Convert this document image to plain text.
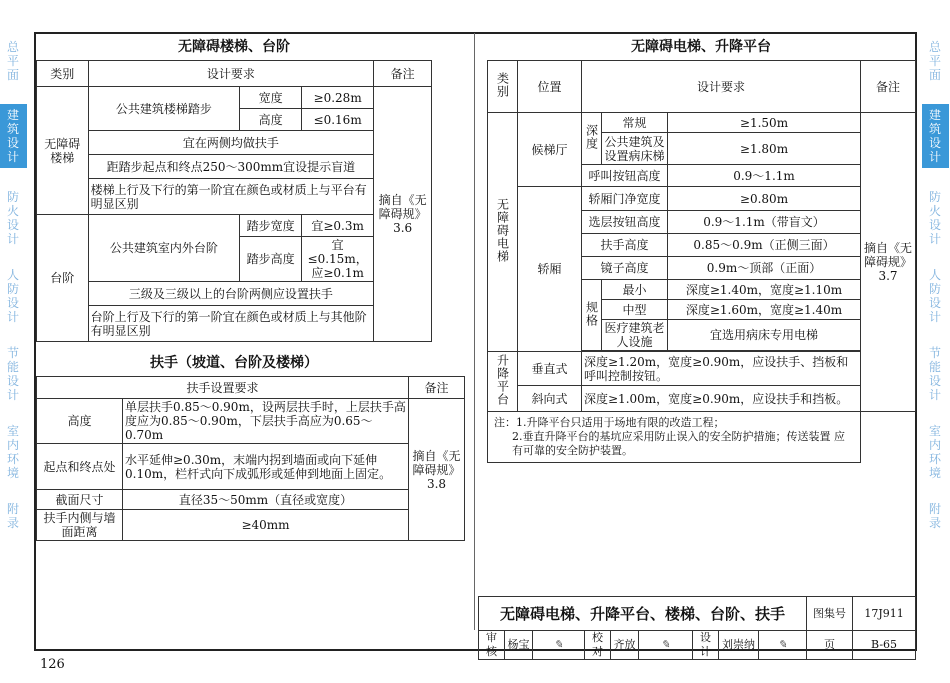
总
平
面
建
筑
设
计
防
火
设
计
人
防
设
计
节
能
设
计
室
内
环
境
附
录
总
平
面
建
筑
设
计
防
火
设
计
人
防
设
计
节
能
设
计
室
内
环
境
附
录
无障碍楼梯、台阶
类别	设计要求			备注
无障碍楼梯	公共建筑楼梯踏步	宽度	≥0.28m	摘自《无障碍规》3.6
		高度	≤0.16m	
	宜在两侧均做扶手			
	距踏步起点和终点250～300mm宜设提示盲道			
	楼梯上行及下行的第一阶宜在颜色或材质上与平台有明显区别			
台阶	公共建筑室内外台阶	踏步宽度	宜≥0.3m	
		踏步高度	宜≤0.15m，应≥0.1m	
	三级及三级以上的台阶两侧应设置扶手			
	台阶上行及下行的第一阶宜在颜色或材质上与其他阶有明显区别			
扶手（坡道、台阶及楼梯）
扶手设置要求		备注
高度	单层扶手0.85～0.90m，设两层扶手时，上层扶手高度应为0.85～0.90m，下层扶手高应为0.65～0.70m	摘自《无障碍规》3.8
起点和终点处	水平延伸≥0.30m，末端内拐到墙面或向下延伸0.10m，栏杆式向下成弧形或延伸到地面上固定。	
截面尺寸	直径35～50mm（直径或宽度）	
扶手内侧与墙面距离	≥40mm	
无障碍电梯、升降平台
类别	位置	设计要求			备注
无障碍电梯	候梯厅	深度	常规	≥1.50m	摘自《无障碍规》3.7
			公共建筑及设置病床梯	≥1.80m	
		呼叫按钮高度		0.9～1.1m	
	轿厢	轿厢门净宽度		≥0.80m	
		选层按钮高度		0.9～1.1m（带盲文）	
		扶手高度		0.85～0.9m（正侧三面）	
		镜子高度		0.9m～顶部（正面）	
		规格	最小	深度≥1.40m，宽度≥1.10m	
			中型	深度≥1.60m，宽度≥1.40m	
			医疗建筑老人设施	宜选用病床专用电梯	

升降平台	垂直式	深度≥1.20m，宽度≥0.90m，应设扶手、挡板和呼叫控制按钮。			
	斜向式	深度≥1.00m，宽度≥0.90m，应设扶手和挡板。			

注：1.升降平台只适用于场地有限的改造工程；
2.垂直升降平台的基坑应采用防止误入的安全防护措施；传送装置 应有可靠的安全防护装置。					
无障碍电梯、升降平台、楼梯、台阶、扶手									图集号	17J911
审核	杨宝	✎	校对	齐放	✎	设计	刘崇纳	✎	页	B-65
126
